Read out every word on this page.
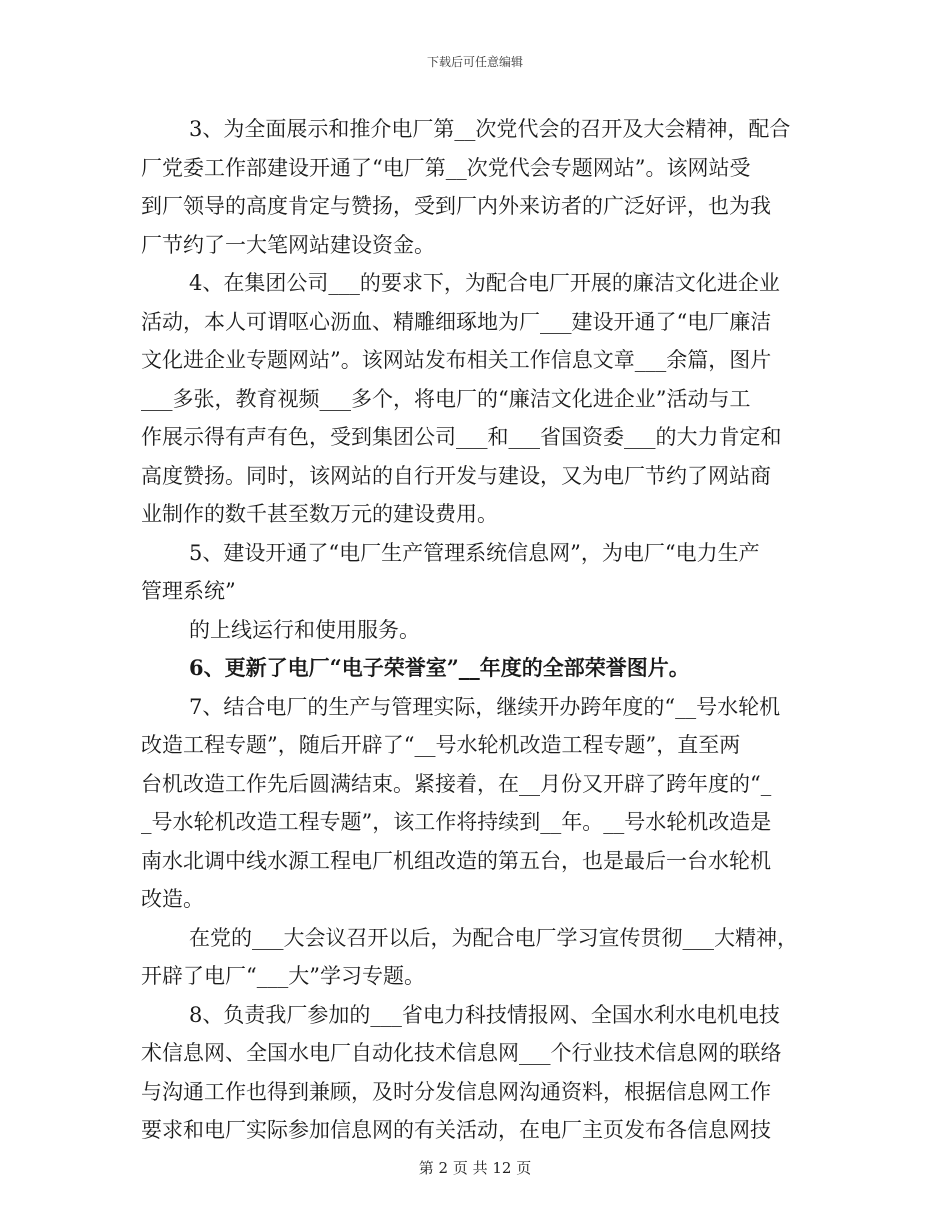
下载后可任意编辑
3、为全面展示和推介电厂第__次党代会的召开及大会精神，配合
厂党委工作部建设开通了“电厂第__次党代会专题网站”。该网站受
到厂领导的高度肯定与赞扬，受到厂内外来访者的广泛好评，也为我
厂节约了一大笔网站建设资金。
4、在集团公司___的要求下，为配合电厂开展的廉洁文化进企业
活动，本人可谓呕心沥血、精雕细琢地为厂___建设开通了“电厂廉洁
文化进企业专题网站”。该网站发布相关工作信息文章___余篇，图片
___多张，教育视频___多个，将电厂的“廉洁文化进企业”活动与工
作展示得有声有色，受到集团公司___和___省国资委___的大力肯定和
高度赞扬。同时，该网站的自行开发与建设，又为电厂节约了网站商
业制作的数千甚至数万元的建设费用。
5、建设开通了“电厂生产管理系统信息网”，为电厂“电力生产
管理系统”
的上线运行和使用服务。
6、更新了电厂“电子荣誉室”__年度的全部荣誉图片。
7、结合电厂的生产与管理实际，继续开办跨年度的“__号水轮机
改造工程专题”，随后开辟了“__号水轮机改造工程专题”，直至两
台机改造工作先后圆满结束。紧接着，在__月份又开辟了跨年度的“_
_号水轮机改造工程专题”，该工作将持续到__年。__号水轮机改造是
南水北调中线水源工程电厂机组改造的第五台，也是最后一台水轮机
改造。
在党的___大会议召开以后，为配合电厂学习宣传贯彻___大精神，
开辟了电厂“___大”学习专题。
8、负责我厂参加的___省电力科技情报网、全国水利水电机电技
术信息网、全国水电厂自动化技术信息网___个行业技术信息网的联络
与沟通工作也得到兼顾，及时分发信息网沟通资料，根据信息网工作
要求和电厂实际参加信息网的有关活动，在电厂主页发布各信息网技
第 2 页 共 12 页
